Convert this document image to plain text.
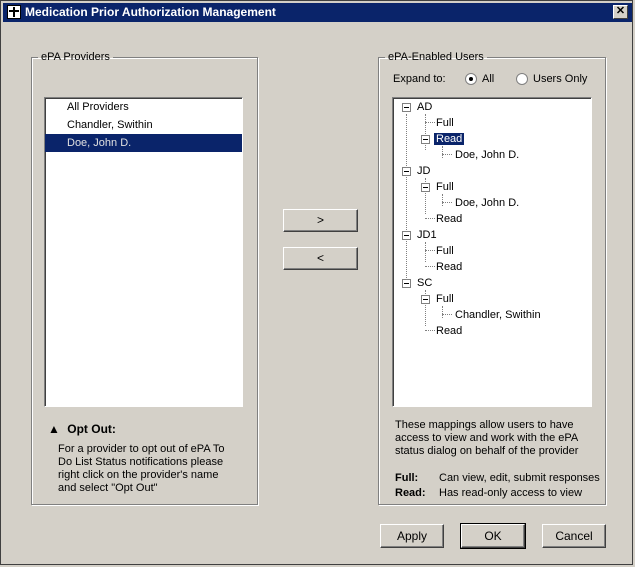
Medication Prior Authorization Management	✕
ePA Providers
All Providers
Chandler, Swithin
Doe, John D.
▲ Opt Out:
For a provider to opt out of ePA To
Do List Status notifications please
right click on the provider's name
and select "Opt Out"
>
<
ePA-Enabled Users
Expand to:	All	Users Only
AD
Full
Read
Doe, John D.
JD
Full
Doe, John D.
Read
JD1
Full
Read
SC
Full
Chandler, Swithin
Read
These mappings allow users to have
access to view and work with the ePA
status dialog on behalf of the provider
Full: Can view, edit, submit responses
Read: Has read-only access to view
Apply	OK	Cancel
